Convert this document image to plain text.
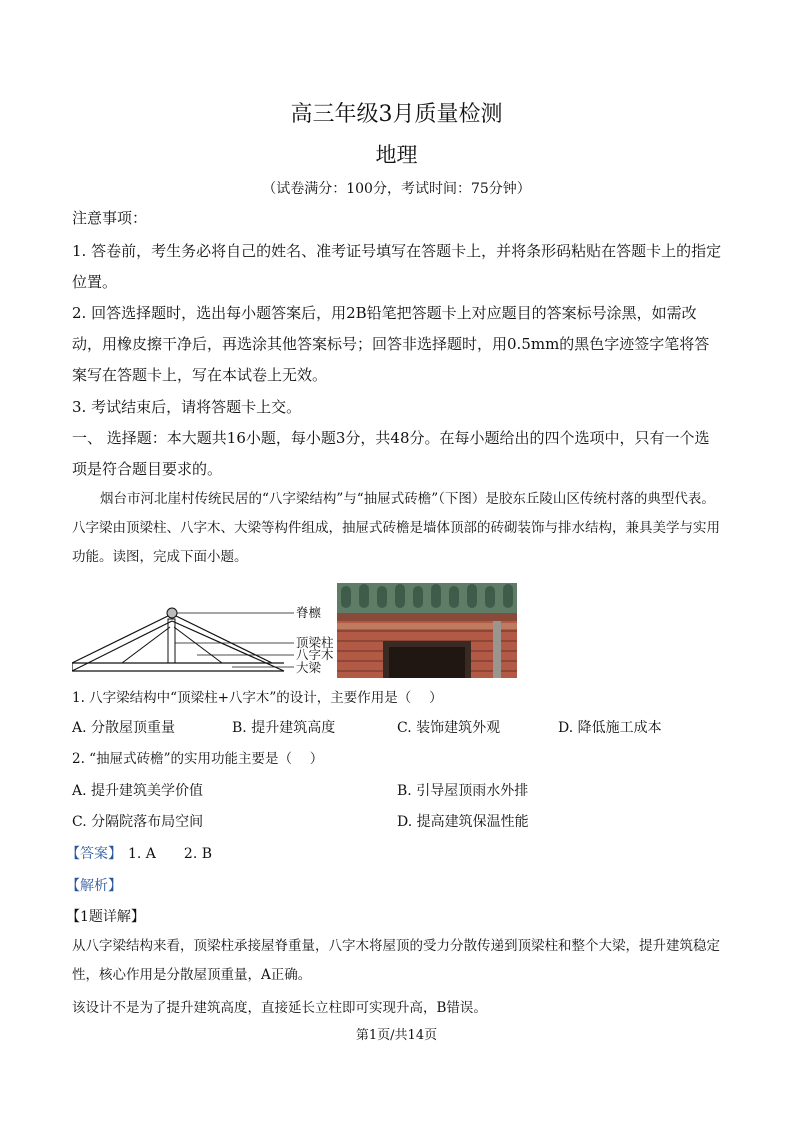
高三年级3月质量检测
地理
（试卷满分：100分，考试时间：75分钟）

注意事项：

1. 答卷前，考生务必将自己的姓名、准考证号填写在答题卡上，并将条形码粘贴在答题卡上的指定位置。

2. 回答选择题时，选出每小题答案后，用2B铅笔把答题卡上对应题目的答案标号涂黑，如需改动，用橡皮擦干净后，再选涂其他答案标号；回答非选择题时，用0.5mm的黑色字迹签字笔将答案写在答题卡上，写在本试卷上无效。

3. 考试结束后，请将答题卡上交。

一、 选择题：本大题共16小题，每小题3分，共48分。在每小题给出的四个选项中，只有一个选项是符合题目要求的。

烟台市河北崖村传统民居的“八字梁结构”与“抽屉式砖檐”（下图）是胶东丘陵山区传统村落的典型代表。八字梁由顶梁柱、八字木、大梁等构件组成，抽屉式砖檐是墙体顶部的砖砌装饰与排水结构，兼具美学与实用功能。读图，完成下面小题。

脊檩
顶梁柱
八字木
大梁

1. 八字梁结构中“顶梁柱+八字木”的设计，主要作用是（　 ）

A. 分散屋顶重量	B. 提升建筑高度	C. 装饰建筑外观	D. 降低施工成本

2. “抽屉式砖檐”的实用功能主要是（　 ）

A. 提升建筑美学价值	B. 引导屋顶雨水外排
C. 分隔院落布局空间	D. 提高建筑保温性能
【答案】 1. A　　2. B
【解析】
【1题详解】

从八字梁结构来看，顶梁柱承接屋脊重量，八字木将屋顶的受力分散传递到顶梁柱和整个大梁，提升建筑稳定性，核心作用是分散屋顶重量，A正确。

该设计不是为了提升建筑高度，直接延长立柱即可实现升高，B错误。

第1页/共14页
